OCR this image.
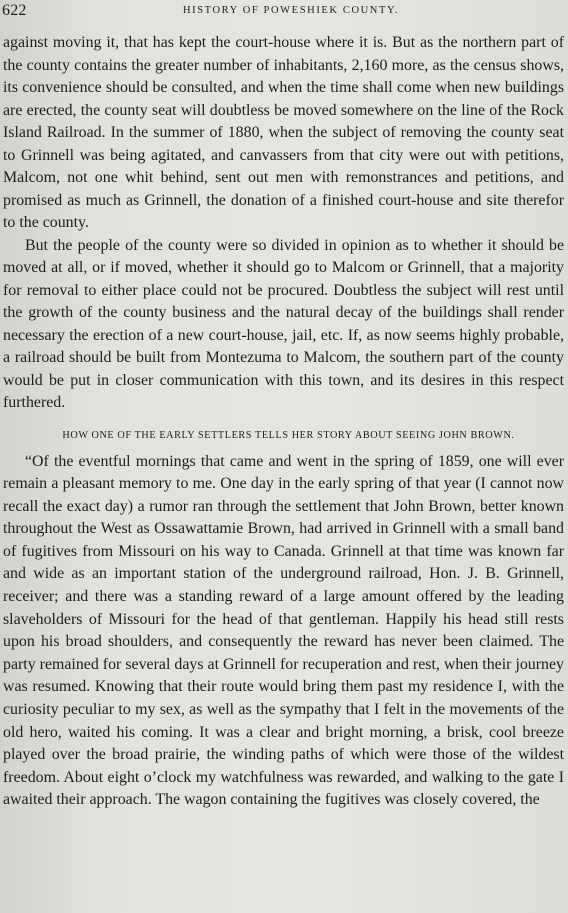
622	HISTORY OF POWESHIEK COUNTY.

against moving it, that has kept the court-house where it is. But as the northern part of the county contains the greater number of inhabitants, 2,160 more, as the census shows, its convenience should be consulted, and when the time shall come when new buildings are erected, the county seat will doubtless be moved somewhere on the line of the Rock Island Railroad. In the summer of 1880, when the subject of removing the county seat to Grinnell was being agitated, and canvassers from that city were out with petitions, Malcom, not one whit behind, sent out men with remonstrances and petitions, and promised as much as Grinnell, the donation of a finished court-house and site therefor to the county.

But the people of the county were so divided in opinion as to whether it should be moved at all, or if moved, whether it should go to Malcom or Grinnell, that a majority for removal to either place could not be procured. Doubtless the subject will rest until the growth of the county business and the natural decay of the buildings shall render necessary the erection of a new court-house, jail, etc. If, as now seems highly probable, a railroad should be built from Montezuma to Malcom, the southern part of the county would be put in closer communication with this town, and its desires in this respect furthered.

HOW ONE OF THE EARLY SETTLERS TELLS HER STORY ABOUT SEEING JOHN BROWN.

“Of the eventful mornings that came and went in the spring of 1859, one will ever remain a pleasant memory to me. One day in the early spring of that year (I cannot now recall the exact day) a rumor ran through the settlement that John Brown, better known throughout the West as Ossawattamie Brown, had arrived in Grinnell with a small band of fugitives from Missouri on his way to Canada. Grinnell at that time was known far and wide as an important station of the underground railroad, Hon. J. B. Grinnell, receiver; and there was a standing reward of a large amount offered by the leading slaveholders of Missouri for the head of that gentleman. Happily his head still rests upon his broad shoulders, and consequently the reward has never been claimed. The party remained for several days at Grinnell for recuperation and rest, when their journey was resumed. Knowing that their route would bring them past my residence I, with the curiosity peculiar to my sex, as well as the sympathy that I felt in the movements of the old hero, waited his coming. It was a clear and bright morning, a brisk, cool breeze played over the broad prairie, the winding paths of which were those of the wildest freedom. About eight o’clock my watchfulness was rewarded, and walking to the gate I awaited their approach. The wagon containing the fugitives was closely covered, the
